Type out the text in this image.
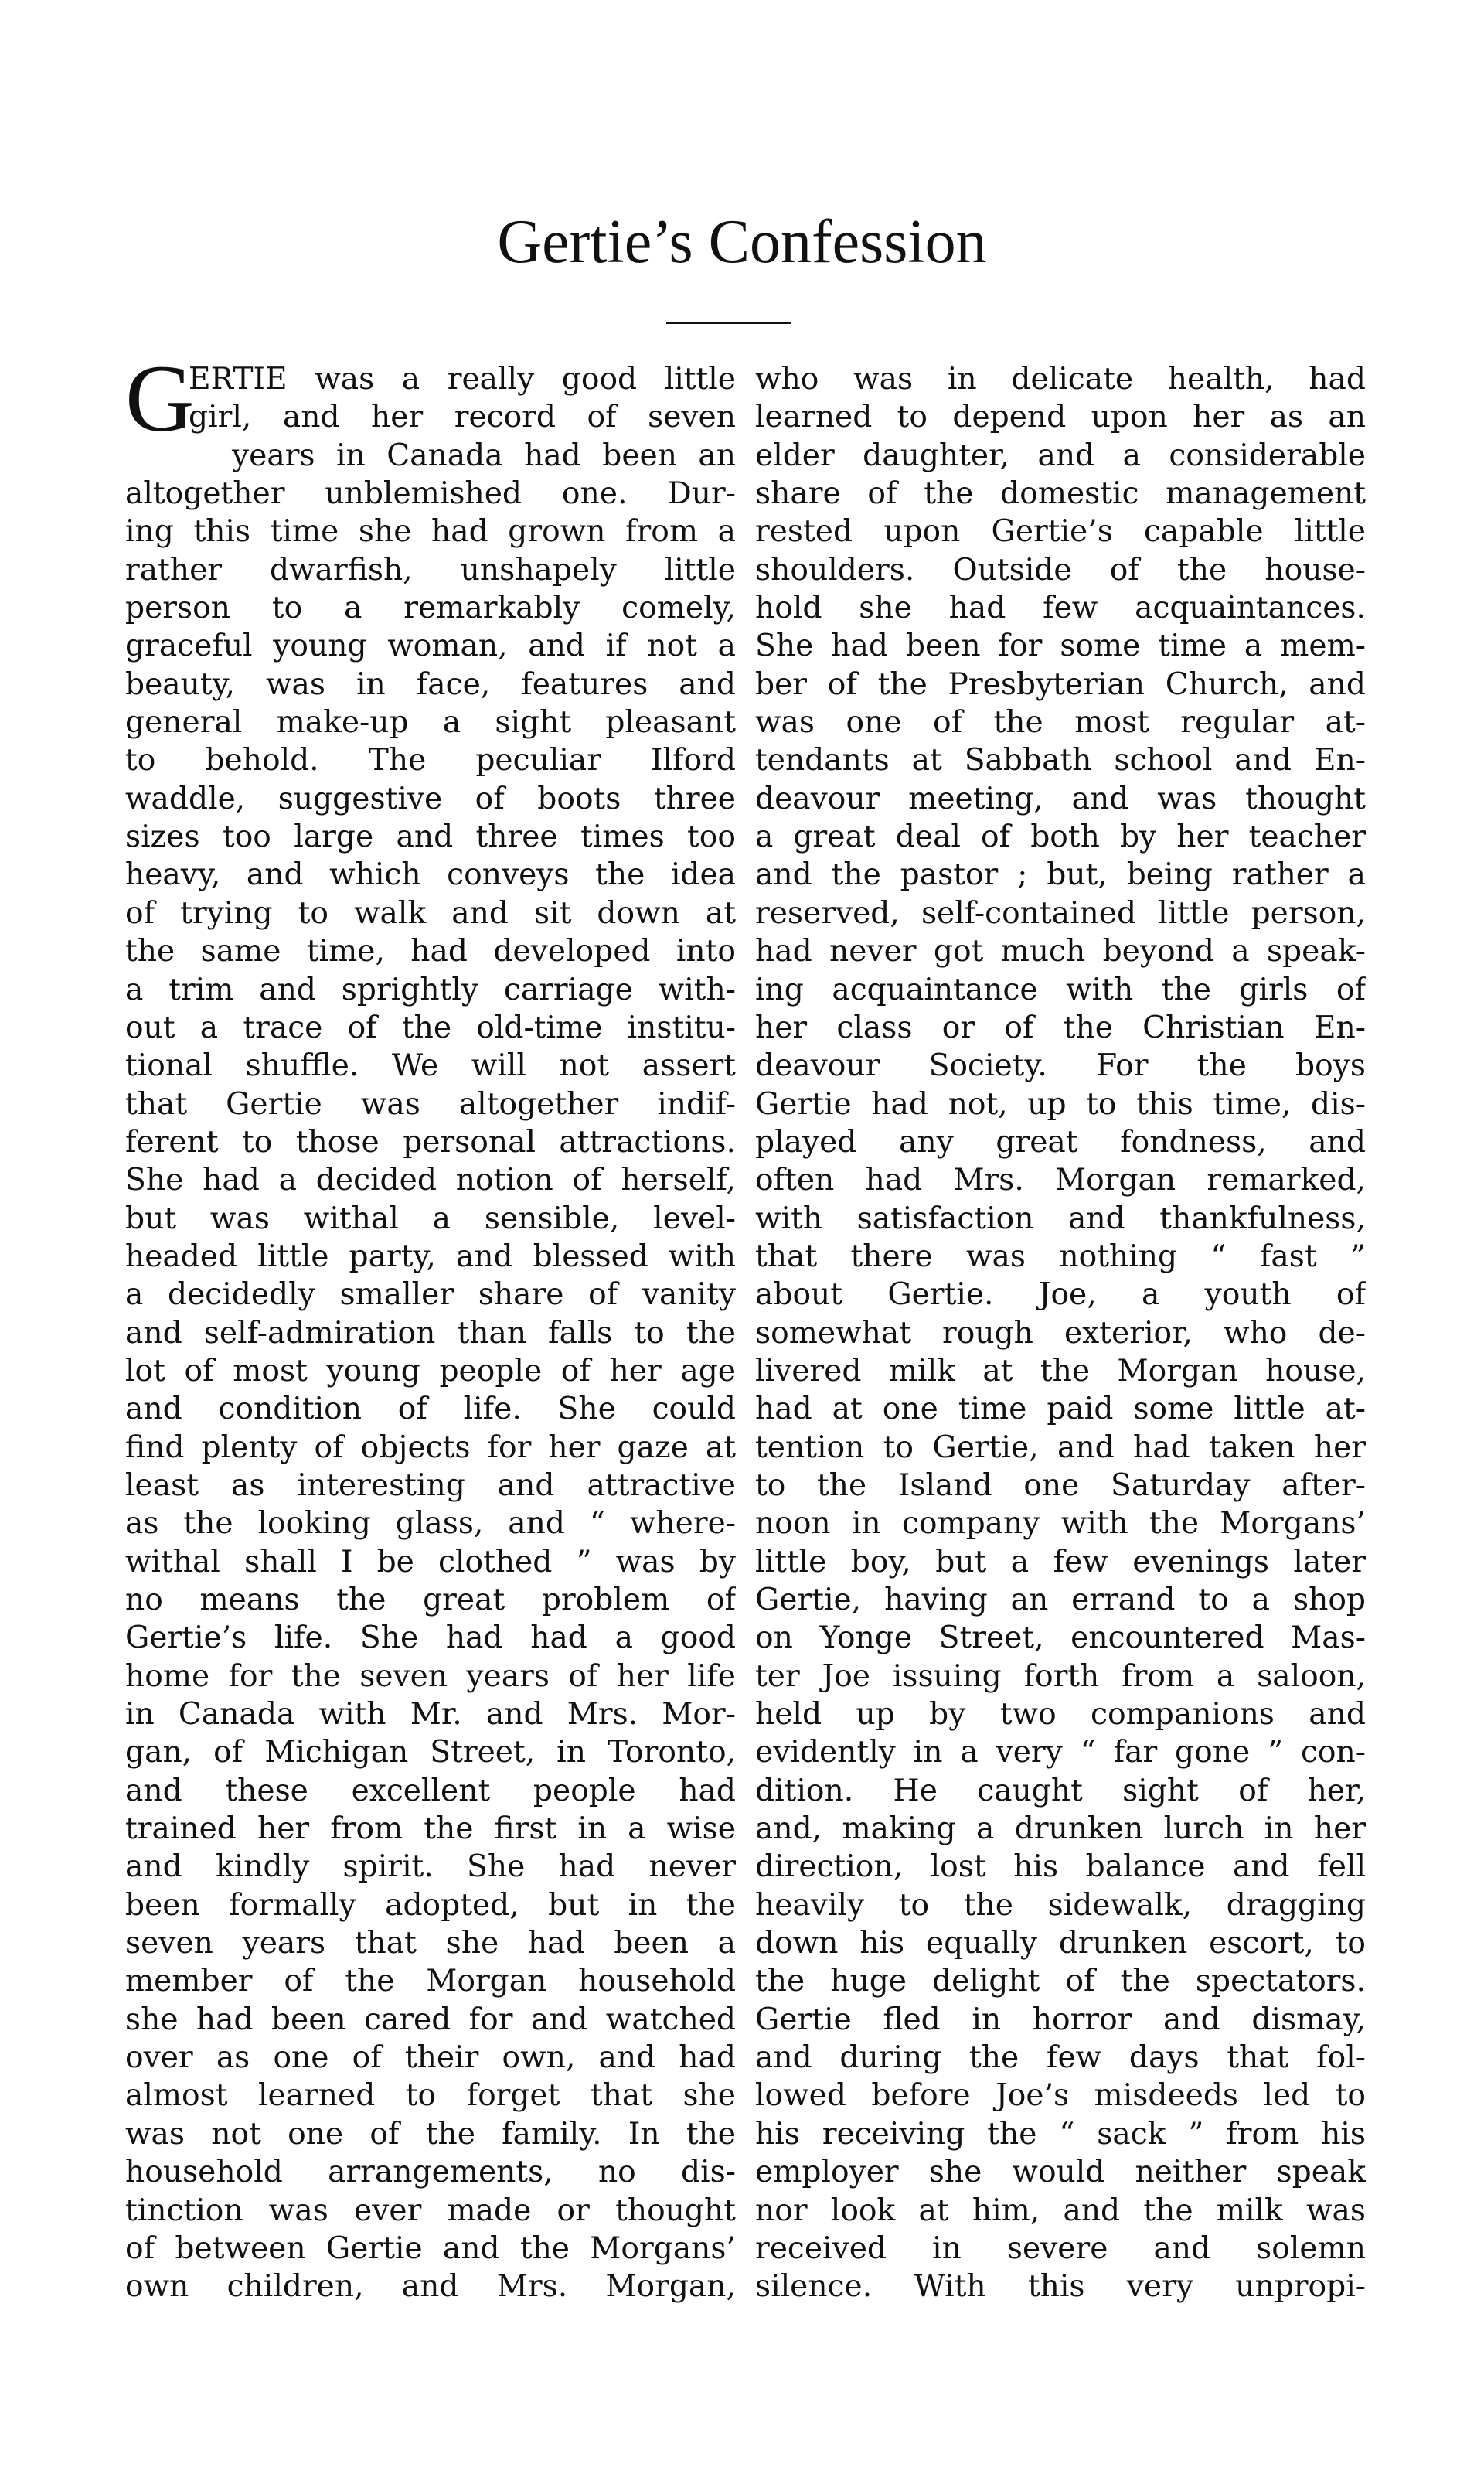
Gertie’s Confession
G
ERTIE was a really good little
girl, and her record of seven
years in Canada had been an
altogether unblemished one. Dur-
ing this time she had grown from a
rather dwarfish, unshapely little
person to a remarkably comely,
graceful young woman, and if not a
beauty, was in face, features and
general make-up a sight pleasant
to behold. The peculiar Ilford
waddle, suggestive of boots three
sizes too large and three times too
heavy, and which conveys the idea
of trying to walk and sit down at
the same time, had developed into
a trim and sprightly carriage with-
out a trace of the old-time institu-
tional shuffle. We will not assert
that Gertie was altogether indif-
ferent to those personal attractions.
She had a decided notion of herself,
but was withal a sensible, level-
headed little party, and blessed with
a decidedly smaller share of vanity
and self-admiration than falls to the
lot of most young people of her age
and condition of life. She could
find plenty of objects for her gaze at
least as interesting and attractive
as the looking glass, and “ where-
withal shall I be clothed ” was by
no means the great problem of
Gertie’s life. She had had a good
home for the seven years of her life
in Canada with Mr. and Mrs. Mor-
gan, of Michigan Street, in Toronto,
and these excellent people had
trained her from the first in a wise
and kindly spirit. She had never
been formally adopted, but in the
seven years that she had been a
member of the Morgan household
she had been cared for and watched
over as one of their own, and had
almost learned to forget that she
was not one of the family. In the
household arrangements, no dis-
tinction was ever made or thought
of between Gertie and the Morgans’
own children, and Mrs. Morgan,
who was in delicate health, had
learned to depend upon her as an
elder daughter, and a considerable
share of the domestic management
rested upon Gertie’s capable little
shoulders. Outside of the house-
hold she had few acquaintances.
She had been for some time a mem-
ber of the Presbyterian Church, and
was one of the most regular at-
tendants at Sabbath school and En-
deavour meeting, and was thought
a great deal of both by her teacher
and the pastor ; but, being rather a
reserved, self-contained little person,
had never got much beyond a speak-
ing acquaintance with the girls of
her class or of the Christian En-
deavour Society. For the boys
Gertie had not, up to this time, dis-
played any great fondness, and
often had Mrs. Morgan remarked,
with satisfaction and thankfulness,
that there was nothing “ fast ”
about Gertie. Joe, a youth of
somewhat rough exterior, who de-
livered milk at the Morgan house,
had at one time paid some little at-
tention to Gertie, and had taken her
to the Island one Saturday after-
noon in company with the Morgans’
little boy, but a few evenings later
Gertie, having an errand to a shop
on Yonge Street, encountered Mas-
ter Joe issuing forth from a saloon,
held up by two companions and
evidently in a very “ far gone ” con-
dition. He caught sight of her,
and, making a drunken lurch in her
direction, lost his balance and fell
heavily to the sidewalk, dragging
down his equally drunken escort, to
the huge delight of the spectators.
Gertie fled in horror and dismay,
and during the few days that fol-
lowed before Joe’s misdeeds led to
his receiving the “ sack ” from his
employer she would neither speak
nor look at him, and the milk was
received in severe and solemn
silence. With this very unpropi-
